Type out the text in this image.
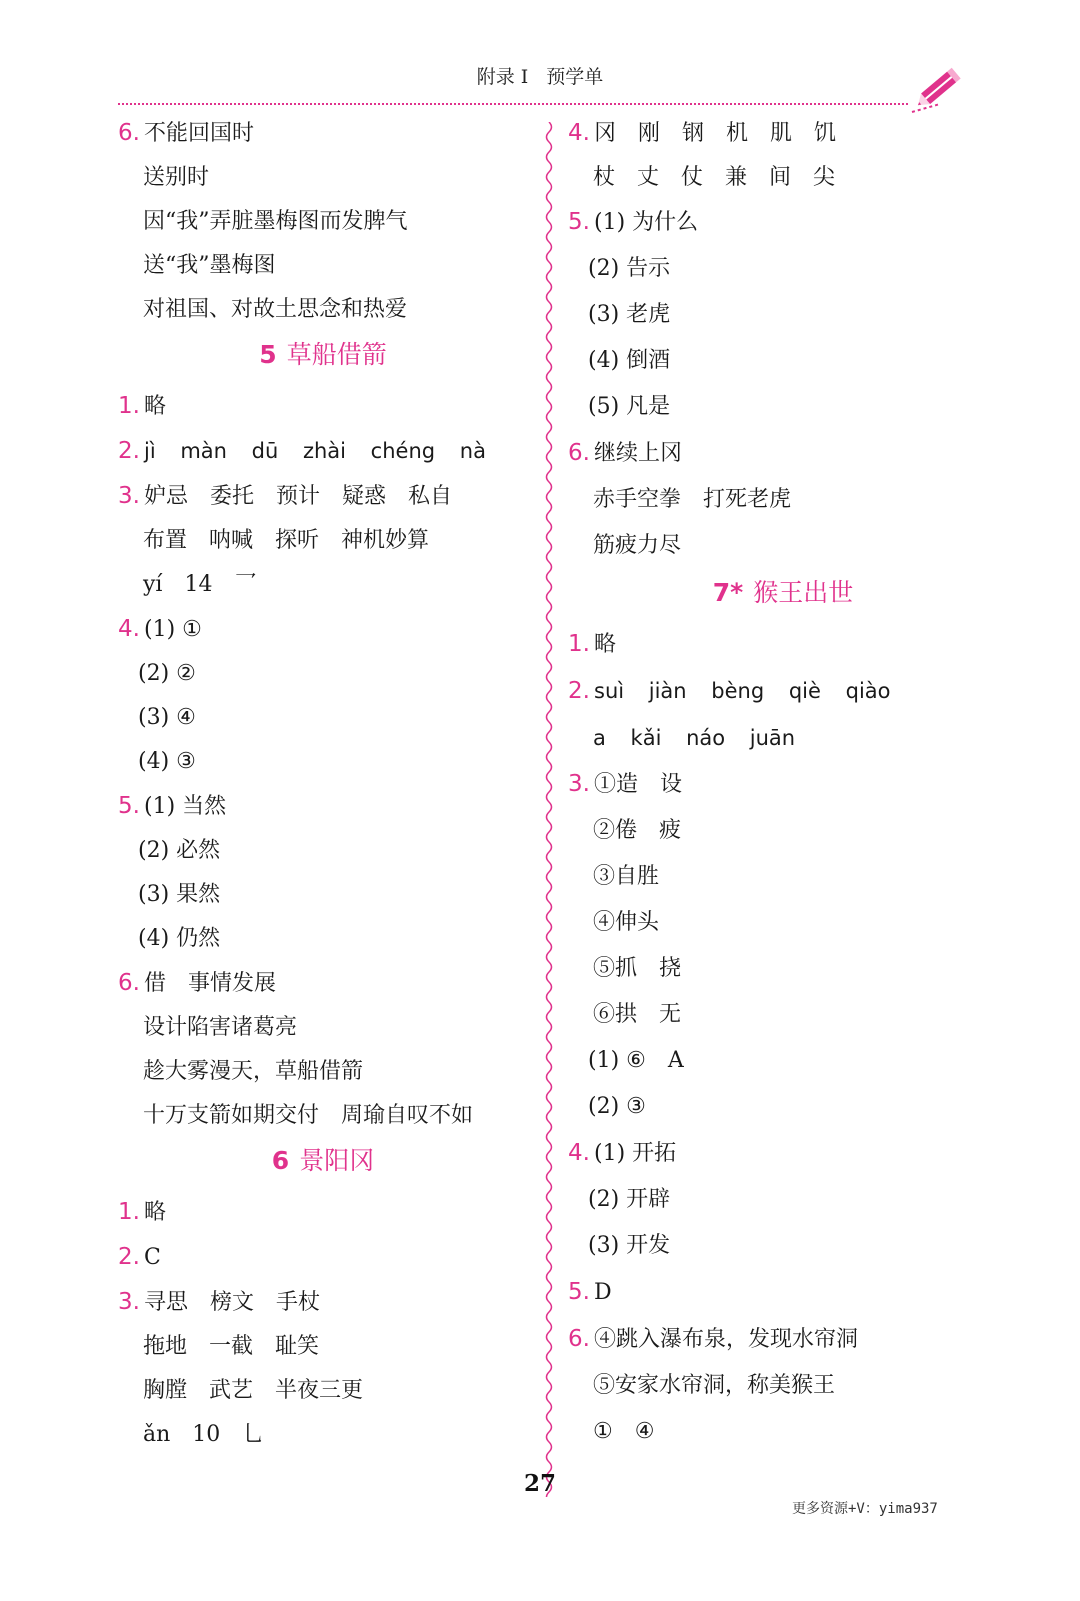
附录 I 预学单
6. 不能回国时
送别时
因“我”弄脏墨梅图而发脾气
送“我”墨梅图
对祖国、对故土思念和热爱
5 草船借箭
1. 略
2. jì màn dū zhài chéng nà
3. 妒忌　委托　预计　疑惑　私自
布置　呐喊　探听　神机妙算
yí　14　乛
4. (1) ①
(2) ②
(3) ④
(4) ③
5. (1) 当然
(2) 必然
(3) 果然
(4) 仍然
6. 借　事情发展
设计陷害诸葛亮
趁大雾漫天，草船借箭
十万支箭如期交付　周瑜自叹不如
6 景阳冈
1. 略
2. C
3. 寻思　榜文　手杖
拖地　一截　耻笑
胸膛　武艺　半夜三更
ǎn　10　乚
4. 冈　刚　钢　机　肌　饥
杖　丈　仗　兼　间　尖
5. (1) 为什么
(2) 告示
(3) 老虎
(4) 倒酒
(5) 凡是
6. 继续上冈
赤手空拳　打死老虎
筋疲力尽
7* 猴王出世
1. 略
2. suì jiàn bèng qiè qiào
a kǎi náo juān
3. ①造　设
②倦　疲
③自胜
④伸头
⑤抓　挠
⑥拱　无
(1) ⑥　A
(2) ③
4. (1) 开拓
(2) 开辟
(3) 开发
5. D
6. ④跳入瀑布泉，发现水帘洞
⑤安家水帘洞，称美猴王
①　④
27
更多资源+V：yima937
